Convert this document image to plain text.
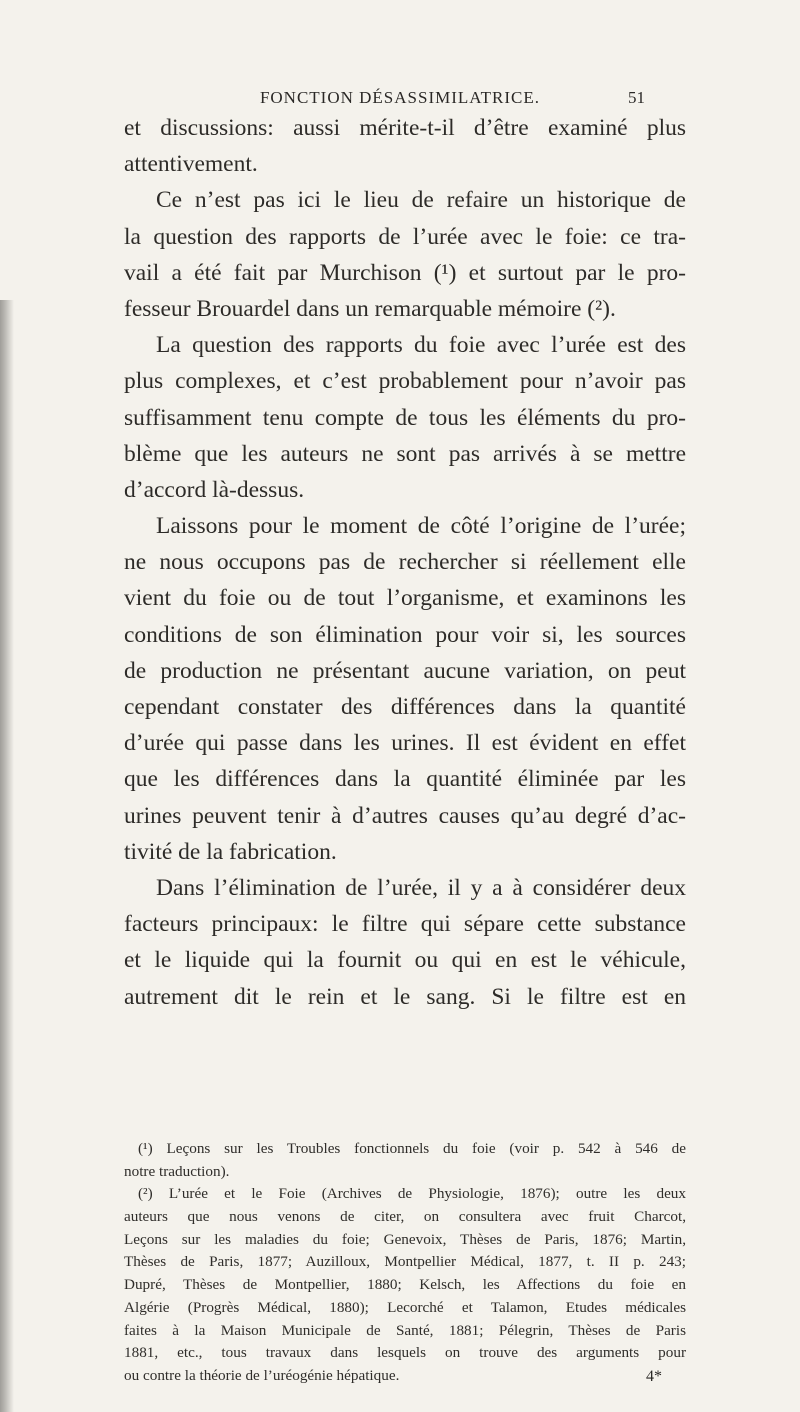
FONCTION DÉSASSIMILATRICE.	51
et discussions: aussi mérite-t-il d’être examiné plus
attentivement.
Ce n’est pas ici le lieu de refaire un historique de
la question des rapports de l’urée avec le foie: ce tra-
vail a été fait par Murchison (¹) et surtout par le pro-
fesseur Brouardel dans un remarquable mémoire (²).
La question des rapports du foie avec l’urée est des
plus complexes, et c’est probablement pour n’avoir pas
suffisamment tenu compte de tous les éléments du pro-
blème que les auteurs ne sont pas arrivés à se mettre
d’accord là-dessus.
Laissons pour le moment de côté l’origine de l’urée;
ne nous occupons pas de rechercher si réellement elle
vient du foie ou de tout l’organisme, et examinons les
conditions de son élimination pour voir si, les sources
de production ne présentant aucune variation, on peut
cependant constater des différences dans la quantité
d’urée qui passe dans les urines. Il est évident en effet
que les différences dans la quantité éliminée par les
urines peuvent tenir à d’autres causes qu’au degré d’ac-
tivité de la fabrication.
Dans l’élimination de l’urée, il y a à considérer deux
facteurs principaux: le filtre qui sépare cette substance
et le liquide qui la fournit ou qui en est le véhicule,
autrement dit le rein et le sang. Si le filtre est en
(¹) Leçons sur les Troubles fonctionnels du foie (voir p. 542 à 546 de
notre traduction).
(²) L’urée et le Foie (Archives de Physiologie, 1876); outre les deux
auteurs que nous venons de citer, on consultera avec fruit Charcot,
Leçons sur les maladies du foie; Genevoix, Thèses de Paris, 1876; Martin,
Thèses de Paris, 1877; Auzilloux, Montpellier Médical, 1877, t. II p. 243;
Dupré, Thèses de Montpellier, 1880; Kelsch, les Affections du foie en
Algérie (Progrès Médical, 1880); Lecorché et Talamon, Etudes médicales
faites à la Maison Municipale de Santé, 1881; Pélegrin, Thèses de Paris
1881, etc., tous travaux dans lesquels on trouve des arguments pour
ou contre la théorie de l’uréogénie hépatique.	4*
